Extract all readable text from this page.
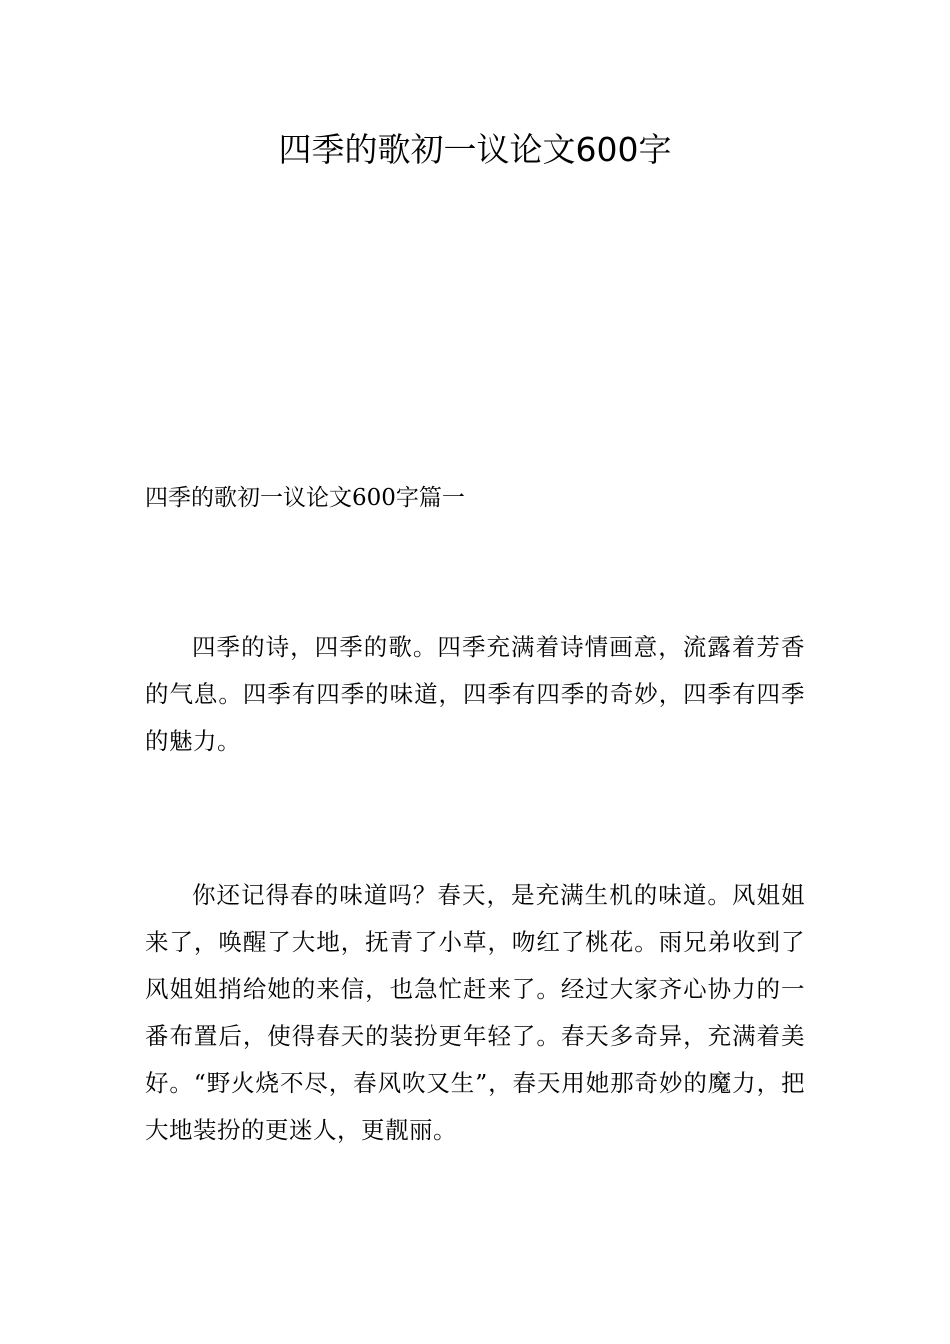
四季的歌初一议论文600字
四季的歌初一议论文600字篇一

四季的诗，四季的歌。四季充满着诗情画意，流露着芳香的气息。四季有四季的味道，四季有四季的奇妙，四季有四季的魅力。

你还记得春的味道吗？春天，是充满生机的味道。风姐姐来了，唤醒了大地，抚青了小草，吻红了桃花。雨兄弟收到了风姐姐捎给她的来信，也急忙赶来了。经过大家齐心协力的一番布置后，使得春天的装扮更年轻了。春天多奇异，充满着美好。“野火烧不尽，春风吹又生”，春天用她那奇妙的魔力，把大地装扮的更迷人，更靓丽。
